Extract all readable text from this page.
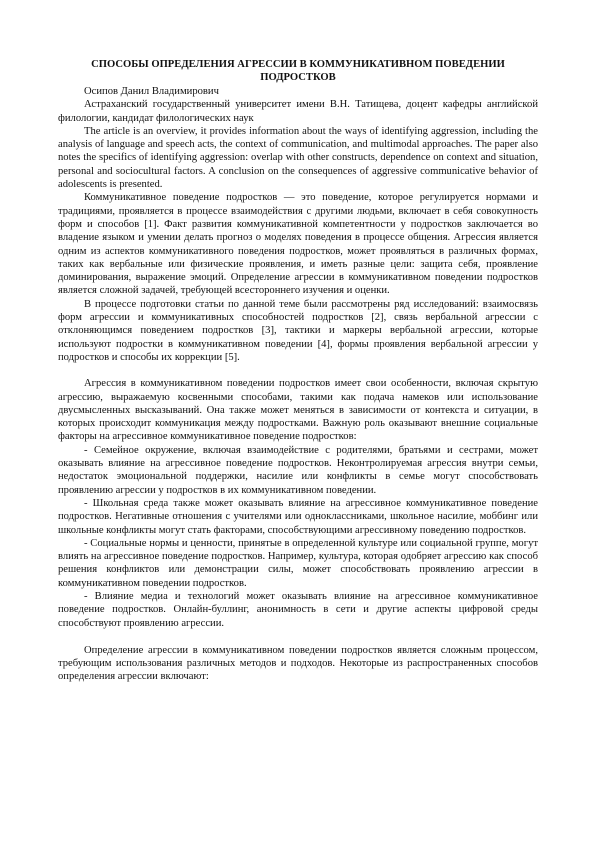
СПОСОБЫ ОПРЕДЕЛЕНИЯ АГРЕССИИ В КОММУНИКАТИВНОМ ПОВЕДЕНИИ ПОДРОСТКОВ

Осипов Данил Владимирович

Астраханский государственный университет имени В.Н. Татищева, доцент кафедры английской филологии, кандидат филологических наук

The article is an overview, it provides information about the ways of identifying aggression, including the analysis of language and speech acts, the context of communication, and multimodal approaches. The paper also notes the specifics of identifying aggression: overlap with other constructs, dependence on context and situation, personal and sociocultural factors. A conclusion on the consequences of aggressive communicative behavior of adolescents is presented.

Коммуникативное поведение подростков — это поведение, которое регулируется нормами и традициями, проявляется в процессе взаимодействия с другими людьми, включает в себя совокупность форм и способов [1]. Факт развития коммуникативной компетентности у подростков заключается во владение языком и умении делать прогноз о моделях поведения в процессе общения. Агрессия является одним из аспектов коммуникативного поведения подростков, может проявляться в различных формах, таких как вербальные или физические проявления, и иметь разные цели: защита себя, проявление доминирования, выражение эмоций. Определение агрессии в коммуникативном поведении подростков является сложной задачей, требующей всестороннего изучения и оценки.

В процессе подготовки статьи по данной теме были рассмотрены ряд исследований: взаимосвязь форм агрессии и коммуникативных способностей подростков [2], связь вербальной агрессии с отклоняющимся поведением подростков [3], тактики и маркеры вербальной агрессии, которые используют подростки в коммуникативном поведении [4], формы проявления вербальной агрессии у подростков и способы их коррекции [5].

Агрессия в коммуникативном поведении подростков имеет свои особенности, включая скрытую агрессию, выражаемую косвенными способами, такими как подача намеков или использование двусмысленных высказываний. Она также может меняться в зависимости от контекста и ситуации, в которых происходит коммуникация между подростками. Важную роль оказывают внешние социальные факторы на агрессивное коммуникативное поведение подростков:

- Семейное окружение, включая взаимодействие с родителями, братьями и сестрами, может оказывать влияние на агрессивное поведение подростков. Неконтролируемая агрессия внутри семьи, недостаток эмоциональной поддержки, насилие или конфликты в семье могут способствовать проявлению агрессии у подростков в их коммуникативном поведении.

- Школьная среда также может оказывать влияние на агрессивное коммуникативное поведение подростков. Негативные отношения с учителями или одноклассниками, школьное насилие, моббинг или школьные конфликты могут стать факторами, способствующими агрессивному поведению подростков.

- Социальные нормы и ценности, принятые в определенной культуре или социальной группе, могут влиять на агрессивное поведение подростков. Например, культура, которая одобряет агрессию как способ решения конфликтов или демонстрации силы, может способствовать проявлению агрессии в коммуникативном поведении подростков.

- Влияние медиа и технологий может оказывать влияние на агрессивное коммуникативное поведение подростков. Онлайн-буллинг, анонимность в сети и другие аспекты цифровой среды способствуют проявлению агрессии.

Определение агрессии в коммуникативном поведении подростков является сложным процессом, требующим использования различных методов и подходов. Некоторые из распространенных способов определения агрессии включают:
